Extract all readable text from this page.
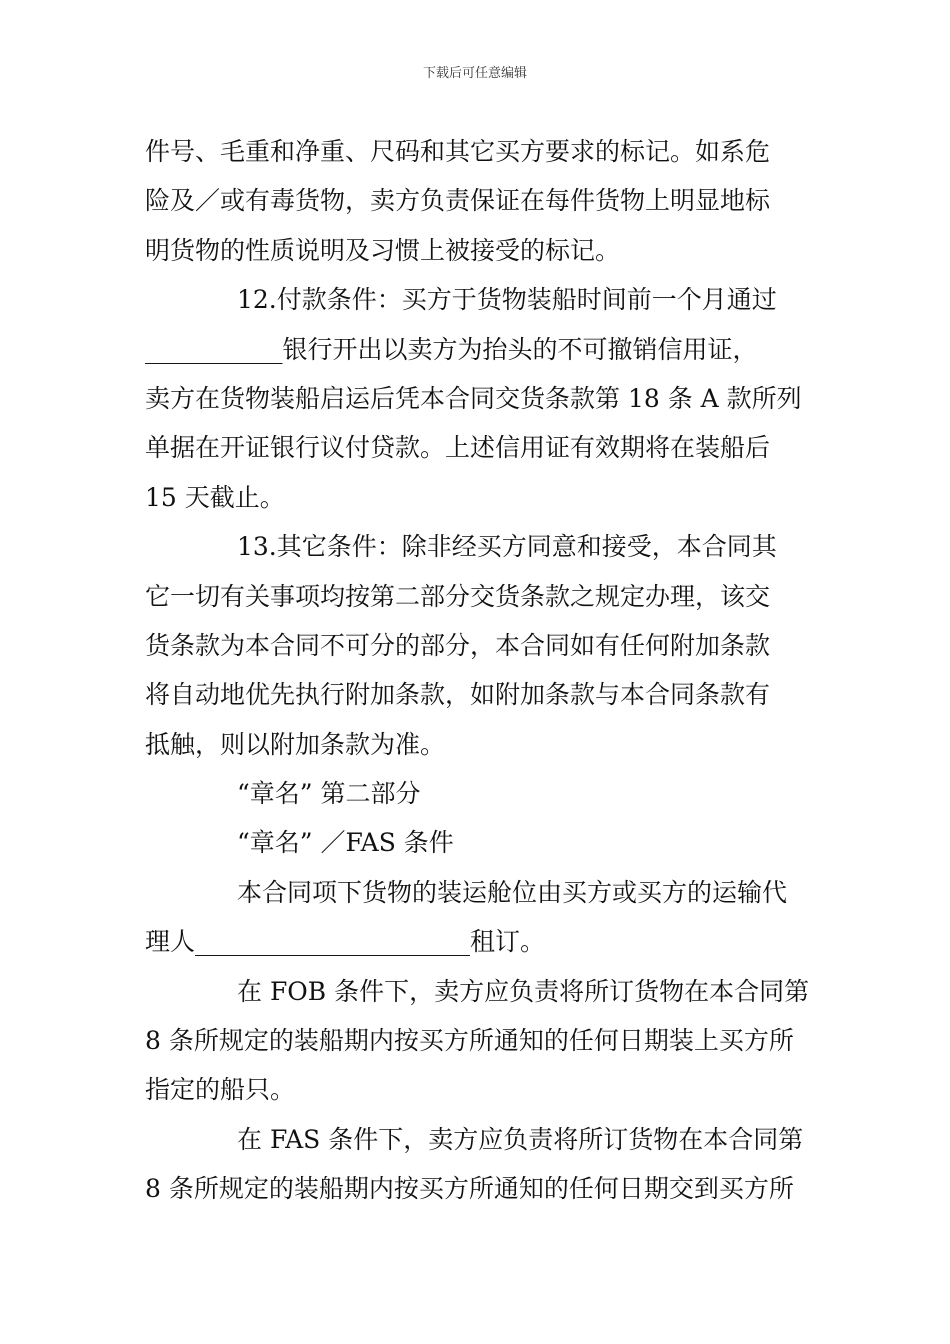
下载后可任意编辑
件号、毛重和净重、尺码和其它买方要求的标记。如系危
险及／或有毒货物，卖方负责保证在每件货物上明显地标
明货物的性质说明及习惯上被接受的标记。
12.付款条件：买方于货物装船时间前一个月通过
___________银行开出以卖方为抬头的不可撤销信用证，
卖方在货物装船启运后凭本合同交货条款第 18 条 A 款所列
单据在开证银行议付贷款。上述信用证有效期将在装船后
15 天截止。
13.其它条件：除非经买方同意和接受，本合同其
它一切有关事项均按第二部分交货条款之规定办理，该交
货条款为本合同不可分的部分，本合同如有任何附加条款
将自动地优先执行附加条款，如附加条款与本合同条款有
抵触，则以附加条款为准。
“章名” 第二部分
“章名” ／FAS 条件
本合同项下货物的装运舱位由买方或买方的运输代
理人______________________租订。
在 FOB 条件下，卖方应负责将所订货物在本合同第
8 条所规定的装船期内按买方所通知的任何日期装上买方所
指定的船只。
在 FAS 条件下，卖方应负责将所订货物在本合同第
8 条所规定的装船期内按买方所通知的任何日期交到买方所
